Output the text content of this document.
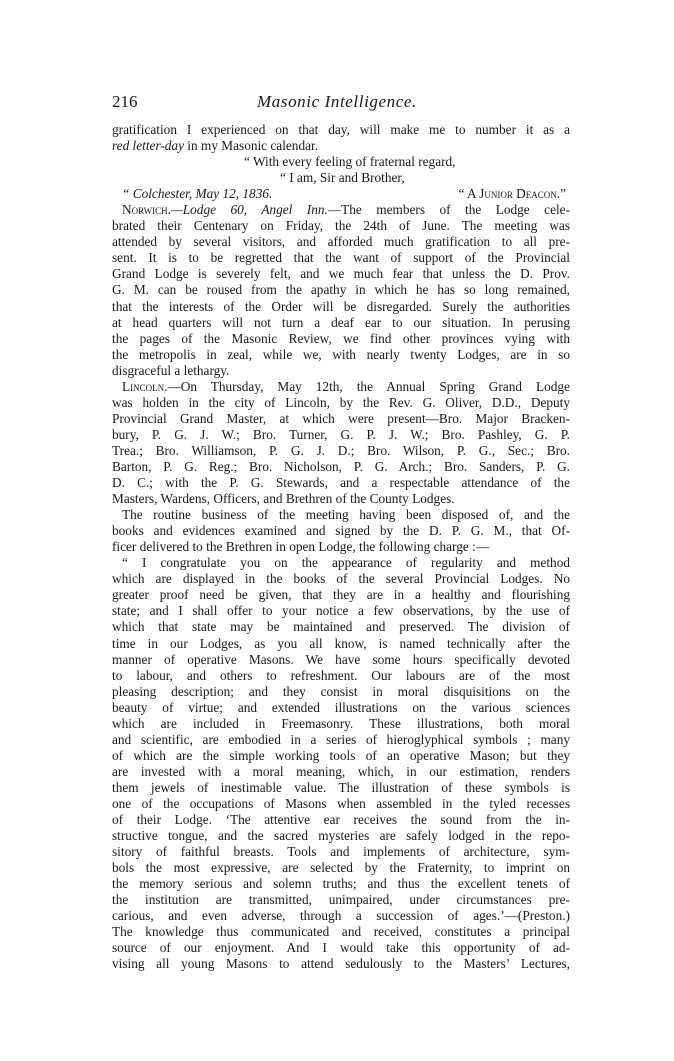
216	Masonic Intelligence.
gratification I experienced on that day, will make me to number it as a
red letter-day in my Masonic calendar.
“ With every feeling of fraternal regard,
“ I am, Sir and Brother,
“ Colchester, May 12, 1836.	“ A Junior Deacon.”
Norwich.—Lodge 60, Angel Inn.—The members of the Lodge cele-
brated their Centenary on Friday, the 24th of June. The meeting was
attended by several visitors, and afforded much gratification to all pre-
sent. It is to be regretted that the want of support of the Provincial
Grand Lodge is severely felt, and we much fear that unless the D. Prov.
G. M. can be roused from the apathy in which he has so long remained,
that the interests of the Order will be disregarded. Surely the authorities
at head quarters will not turn a deaf ear to our situation. In perusing
the pages of the Masonic Review, we find other provinces vying with
the metropolis in zeal, while we, with nearly twenty Lodges, are in so
disgraceful a lethargy.
Lincoln.—On Thursday, May 12th, the Annual Spring Grand Lodge
was holden in the city of Lincoln, by the Rev. G. Oliver, D.D., Deputy
Provincial Grand Master, at which were present—Bro. Major Bracken-
bury, P. G. J. W.; Bro. Turner, G. P. J. W.; Bro. Pashley, G. P.
Trea.; Bro. Williamson, P. G. J. D.; Bro. Wilson, P. G., Sec.; Bro.
Barton, P. G. Reg.; Bro. Nicholson, P. G. Arch.; Bro. Sanders, P. G.
D. C.; with the P. G. Stewards, and a respectable attendance of the
Masters, Wardens, Officers, and Brethren of the County Lodges.
The routine business of the meeting having been disposed of, and the
books and evidences examined and signed by the D. P. G. M., that Of-
ficer delivered to the Brethren in open Lodge, the following charge :—
“ I congratulate you on the appearance of regularity and method
which are displayed in the books of the several Provincial Lodges. No
greater proof need be given, that they are in a healthy and flourishing
state; and I shall offer to your notice a few observations, by the use of
which that state may be maintained and preserved. The division of
time in our Lodges, as you all know, is named technically after the
manner of operative Masons. We have some hours specifically devoted
to labour, and others to refreshment. Our labours are of the most
pleasing description; and they consist in moral disquisitions on the
beauty of virtue; and extended illustrations on the various sciences
which are included in Freemasonry. These illustrations, both moral
and scientific, are embodied in a series of hieroglyphical symbols ; many
of which are the simple working tools of an operative Mason; but they
are invested with a moral meaning, which, in our estimation, renders
them jewels of inestimable value. The illustration of these symbols is
one of the occupations of Masons when assembled in the tyled recesses
of their Lodge. ‘The attentive ear receives the sound from the in-
structive tongue, and the sacred mysteries are safely lodged in the repo-
sitory of faithful breasts. Tools and implements of architecture, sym-
bols the most expressive, are selected by the Fraternity, to imprint on
the memory serious and solemn truths; and thus the excellent tenets of
the institution are transmitted, unimpaired, under circumstances pre-
carious, and even adverse, through a succession of ages.’—(Preston.)
The knowledge thus communicated and received, constitutes a principal
source of our enjoyment. And I would take this opportunity of ad-
vising all young Masons to attend sedulously to the Masters’ Lectures,
